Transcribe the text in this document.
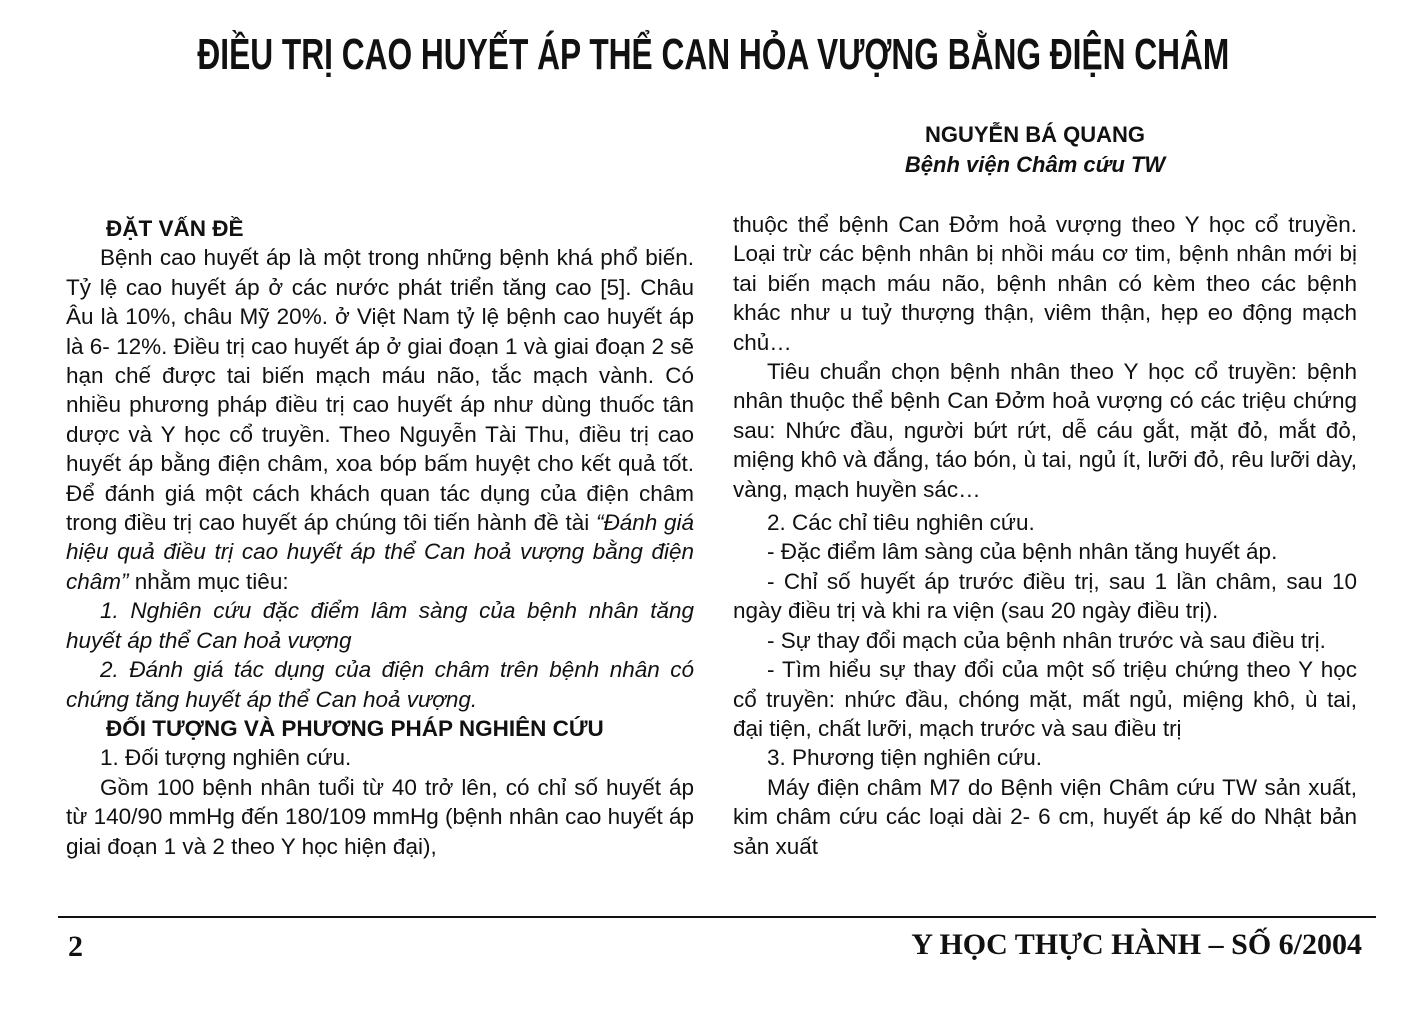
ĐIỀU TRỊ CAO HUYẾT ÁP THỂ CAN HỎA VƯỢNG BẰNG ĐIỆN CHÂM
NGUYỄN BÁ QUANG
Bệnh viện Châm cứu TW

ĐẶT VẤN ĐỀ

Bệnh cao huyết áp là một trong những bệnh khá phổ biến. Tỷ lệ cao huyết áp ở các nước phát triển tăng cao [5]. Châu Âu là 10%, châu Mỹ 20%. ở Việt Nam tỷ lệ bệnh cao huyết áp là 6- 12%. Điều trị cao huyết áp ở giai đoạn 1 và giai đoạn 2 sẽ hạn chế được tai biến mạch máu não, tắc mạch vành. Có nhiều phương pháp điều trị cao huyết áp như dùng thuốc tân dược và Y học cổ truyền. Theo Nguyễn Tài Thu, điều trị cao huyết áp bằng điện châm, xoa bóp bấm huyệt cho kết quả tốt. Để đánh giá một cách khách quan tác dụng của điện châm trong điều trị cao huyết áp chúng tôi tiến hành đề tài “Đánh giá hiệu quả điều trị cao huyết áp thể Can hoả vượng bằng điện châm” nhằm mục tiêu:

1. Nghiên cứu đặc điểm lâm sàng của bệnh nhân tăng huyết áp thể Can hoả vượng

2. Đánh giá tác dụng của điện châm trên bệnh nhân có chứng tăng huyết áp thể Can hoả vượng.

ĐỐI TƯỢNG VÀ PHƯƠNG PHÁP NGHIÊN CỨU

1. Đối tượng nghiên cứu.

Gồm 100 bệnh nhân tuổi từ 40 trở lên, có chỉ số huyết áp từ 140/90 mmHg đến 180/109 mmHg (bệnh nhân cao huyết áp giai đoạn 1 và 2 theo Y học hiện đại),

thuộc thể bệnh Can Đởm hoả vượng theo Y học cổ truyền. Loại trừ các bệnh nhân bị nhồi máu cơ tim, bệnh nhân mới bị tai biến mạch máu não, bệnh nhân có kèm theo các bệnh khác như u tuỷ thượng thận, viêm thận, hẹp eo động mạch chủ…

Tiêu chuẩn chọn bệnh nhân theo Y học cổ truyền: bệnh nhân thuộc thể bệnh Can Đởm hoả vượng có các triệu chứng sau: Nhức đầu, người bứt rứt, dễ cáu gắt, mặt đỏ, mắt đỏ, miệng khô và đắng, táo bón, ù tai, ngủ ít, lưỡi đỏ, rêu lưỡi dày, vàng, mạch huyền sác…

2. Các chỉ tiêu nghiên cứu.

- Đặc điểm lâm sàng của bệnh nhân tăng huyết áp.

- Chỉ số huyết áp trước điều trị, sau 1 lần châm, sau 10 ngày điều trị và khi ra viện (sau 20 ngày điều trị).

- Sự thay đổi mạch của bệnh nhân trước và sau điều trị.

- Tìm hiểu sự thay đổi của một số triệu chứng theo Y học cổ truyền: nhức đầu, chóng mặt, mất ngủ, miệng khô, ù tai, đại tiện, chất lưỡi, mạch trước và sau điều trị

3. Phương tiện nghiên cứu.

Máy điện châm M7 do Bệnh viện Châm cứu TW sản xuất, kim châm cứu các loại dài 2- 6 cm, huyết áp kế do Nhật bản sản xuất

2	Y HỌC THỰC HÀNH – SỐ 6/2004
